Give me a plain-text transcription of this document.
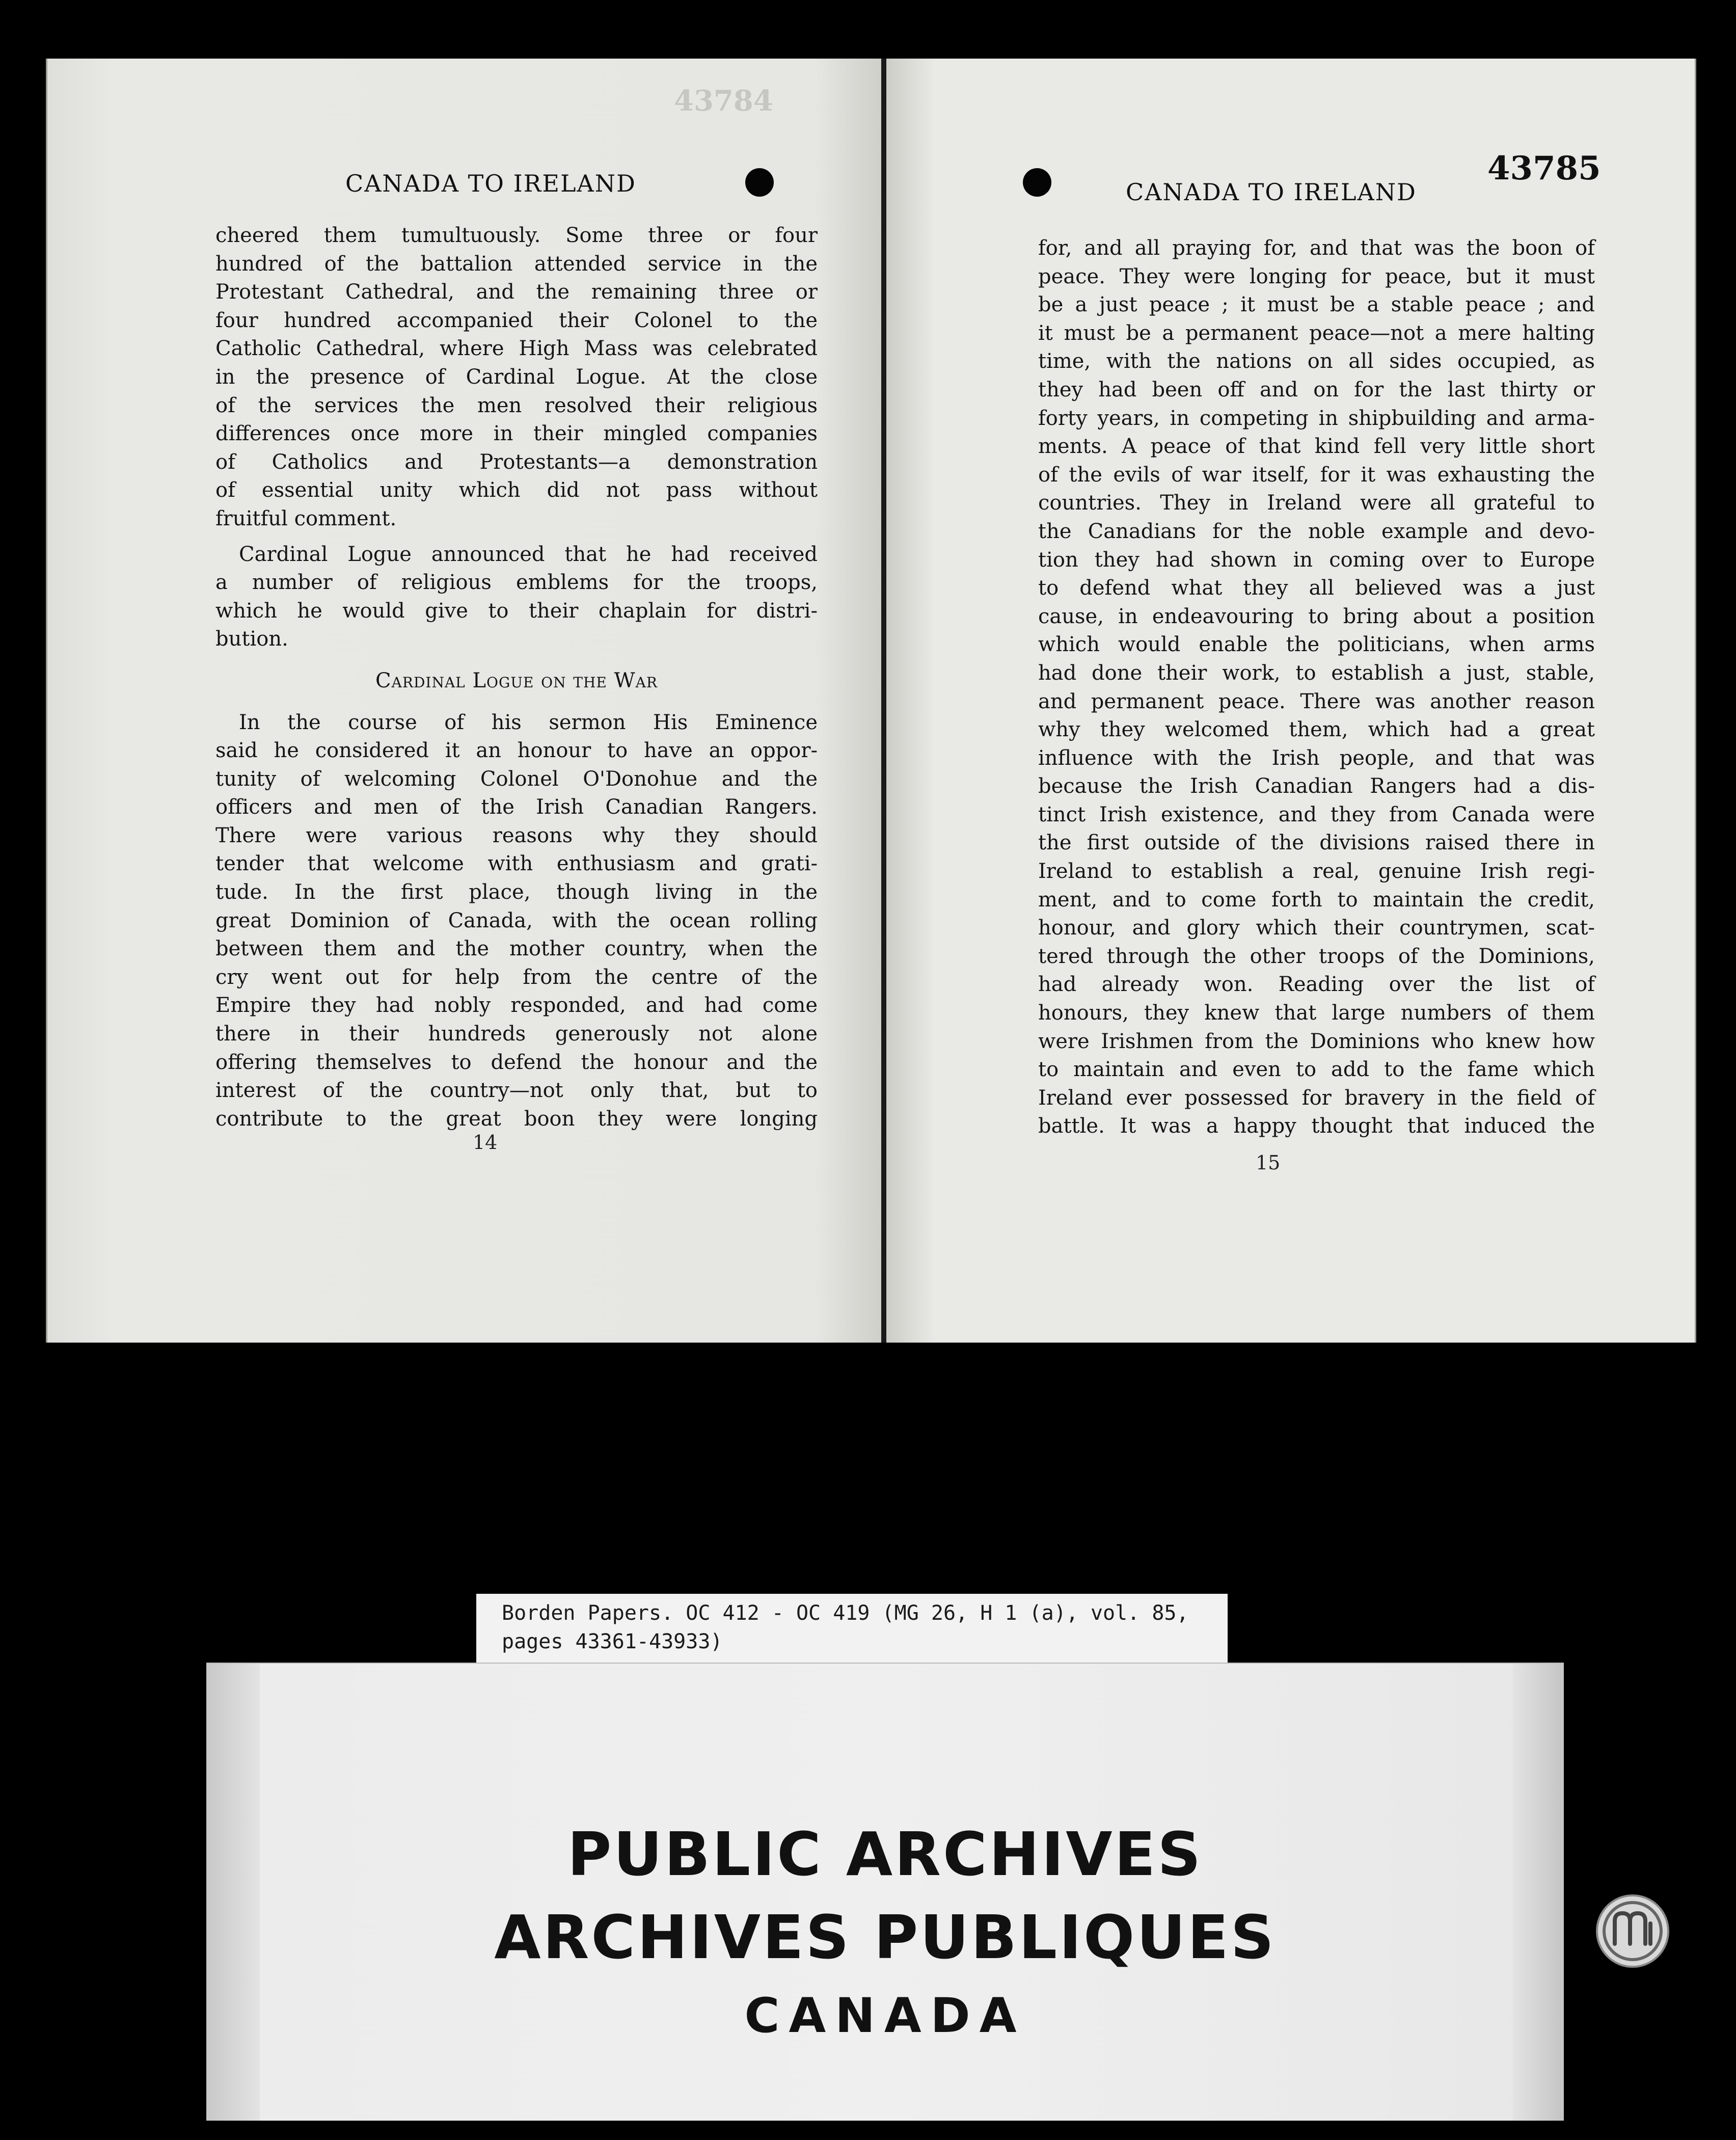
43784
CANADA TO IRELAND
cheered them tumultuously. Some three or four
hundred of the battalion attended service in the
Protestant Cathedral, and the remaining three or
four hundred accompanied their Colonel to the
Catholic Cathedral, where High Mass was celebrated
in the presence of Cardinal Logue. At the close
of the services the men resolved their religious
differences once more in their mingled companies
of Catholics and Protestants—a demonstration
of essential unity which did not pass without
fruitful comment.
Cardinal Logue announced that he had received
a number of religious emblems for the troops,
which he would give to their chaplain for distri-
bution.
Cardinal Logue on the War
In the course of his sermon His Eminence
said he considered it an honour to have an oppor-
tunity of welcoming Colonel O'Donohue and the
officers and men of the Irish Canadian Rangers.
There were various reasons why they should
tender that welcome with enthusiasm and grati-
tude. In the first place, though living in the
great Dominion of Canada, with the ocean rolling
between them and the mother country, when the
cry went out for help from the centre of the
Empire they had nobly responded, and had come
there in their hundreds generously not alone
offering themselves to defend the honour and the
interest of the country—not only that, but to
contribute to the great boon they were longing
14
CANADA TO IRELAND
43785
for, and all praying for, and that was the boon of
peace. They were longing for peace, but it must
be a just peace ; it must be a stable peace ; and
it must be a permanent peace—not a mere halting
time, with the nations on all sides occupied, as
they had been off and on for the last thirty or
forty years, in competing in shipbuilding and arma-
ments. A peace of that kind fell very little short
of the evils of war itself, for it was exhausting the
countries. They in Ireland were all grateful to
the Canadians for the noble example and devo-
tion they had shown in coming over to Europe
to defend what they all believed was a just
cause, in endeavouring to bring about a position
which would enable the politicians, when arms
had done their work, to establish a just, stable,
and permanent peace. There was another reason
why they welcomed them, which had a great
influence with the Irish people, and that was
because the Irish Canadian Rangers had a dis-
tinct Irish existence, and they from Canada were
the first outside of the divisions raised there in
Ireland to establish a real, genuine Irish regi-
ment, and to come forth to maintain the credit,
honour, and glory which their countrymen, scat-
tered through the other troops of the Dominions,
had already won. Reading over the list of
honours, they knew that large numbers of them
were Irishmen from the Dominions who knew how
to maintain and even to add to the fame which
Ireland ever possessed for bravery in the field of
battle. It was a happy thought that induced the
15
Borden Papers. OC 412 - OC 419 (MG 26, H 1 (a), vol. 85,
pages 43361-43933)
PUBLIC ARCHIVES
ARCHIVES PUBLIQUES
CANADA
